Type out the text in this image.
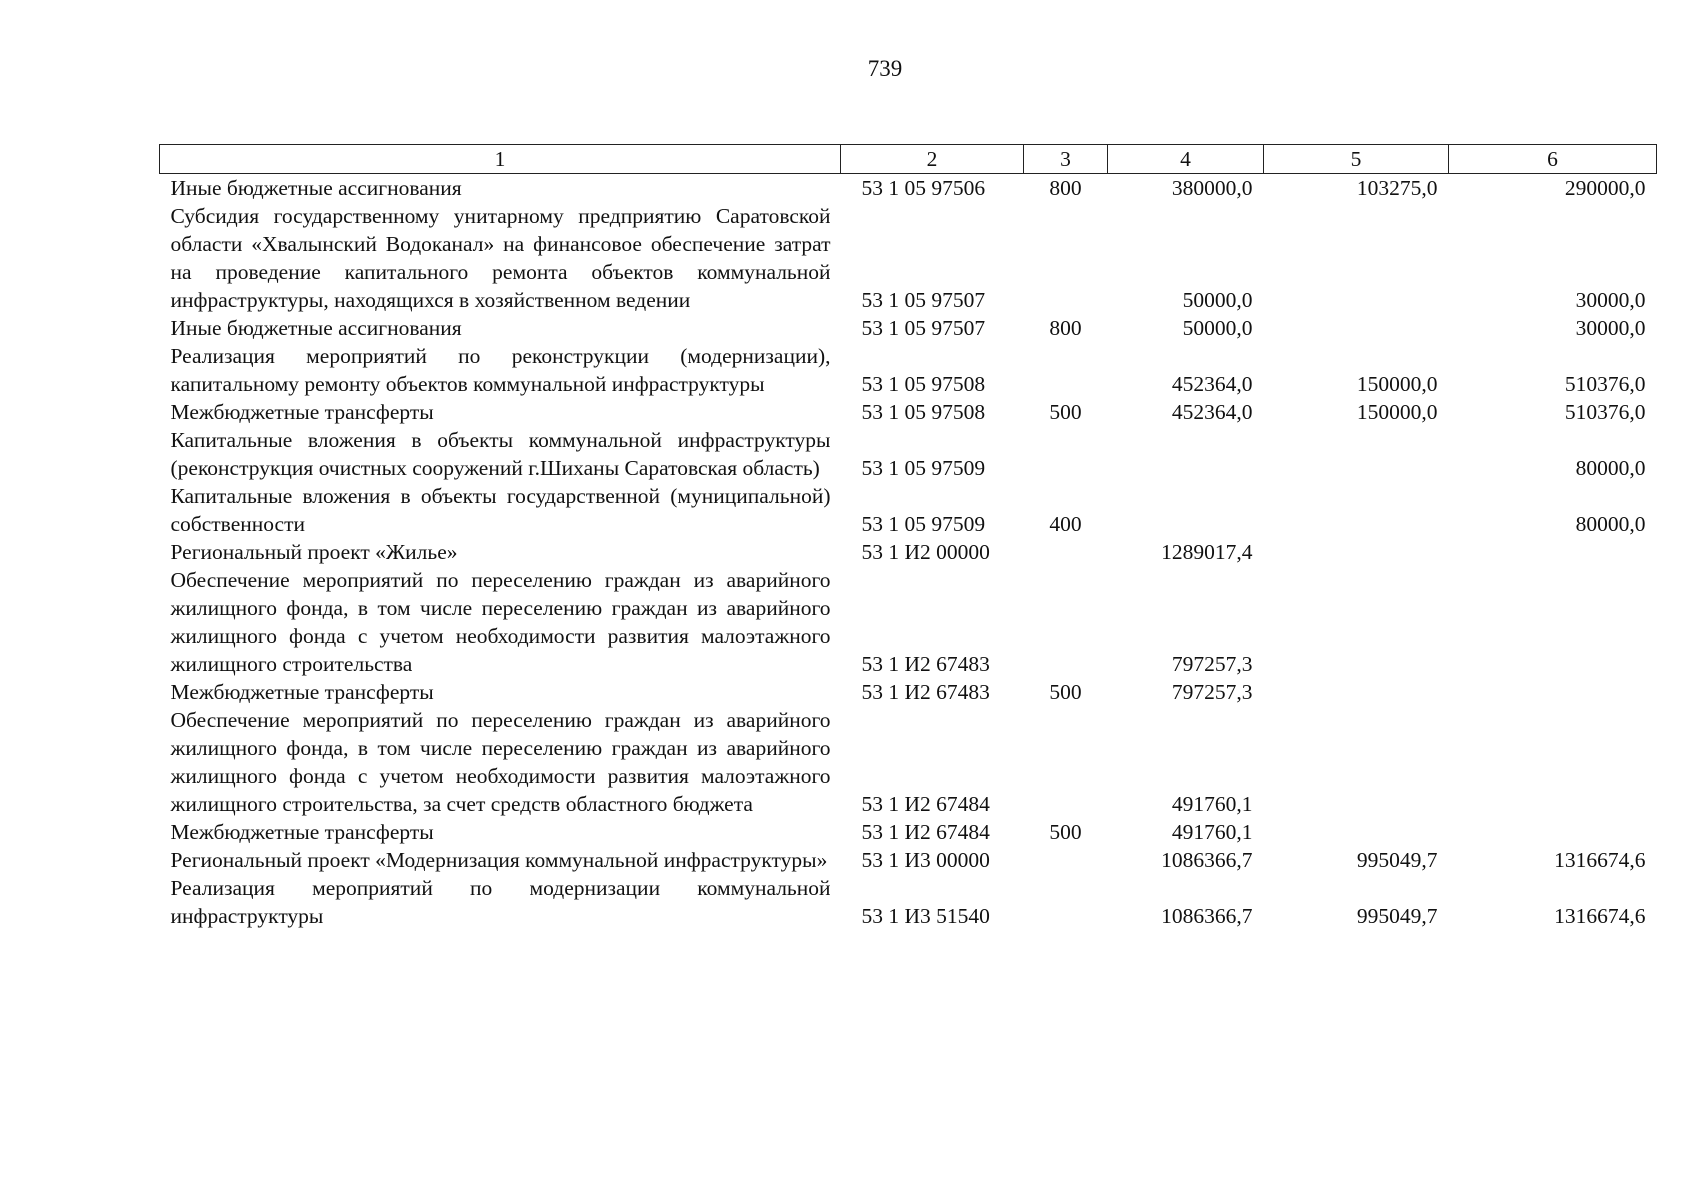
739
1	2	3	4	5	6
Иные бюджетные ассигнования	53 1 05 97506	800	380000,0	103275,0	290000,0
Субсидия государственному унитарному предприятию Саратовской области «Хвалынский Водоканал» на финансовое обеспечение затрат на проведение капитального ремонта объектов коммунальной инфраструктуры, находящихся в хозяйственном ведении	53 1 05 97507		50000,0		30000,0
Иные бюджетные ассигнования	53 1 05 97507	800	50000,0		30000,0
Реализация мероприятий по реконструкции (модернизации), капитальному ремонту объектов коммунальной инфраструктуры	53 1 05 97508		452364,0	150000,0	510376,0
Межбюджетные трансферты	53 1 05 97508	500	452364,0	150000,0	510376,0
Капитальные вложения в объекты коммунальной инфраструктуры (реконструкция очистных сооружений г.Шиханы Саратовская область)	53 1 05 97509				80000,0
Капитальные вложения в объекты государственной (муниципальной) собственности	53 1 05 97509	400			80000,0
Региональный проект «Жилье»	53 1 И2 00000		1289017,4		
Обеспечение мероприятий по переселению граждан из аварийного жилищного фонда, в том числе переселению граждан из аварийного жилищного фонда с учетом необходимости развития малоэтажного жилищного строительства	53 1 И2 67483		797257,3		
Межбюджетные трансферты	53 1 И2 67483	500	797257,3		
Обеспечение мероприятий по переселению граждан из аварийного жилищного фонда, в том числе переселению граждан из аварийного жилищного фонда с учетом необходимости развития малоэтажного жилищного строительства, за счет средств областного бюджета	53 1 И2 67484		491760,1		
Межбюджетные трансферты	53 1 И2 67484	500	491760,1		
Региональный проект «Модернизация коммунальной инфраструктуры»	53 1 И3 00000		1086366,7	995049,7	1316674,6
Реализация мероприятий по модернизации коммунальной инфраструктуры	53 1 И3 51540		1086366,7	995049,7	1316674,6
